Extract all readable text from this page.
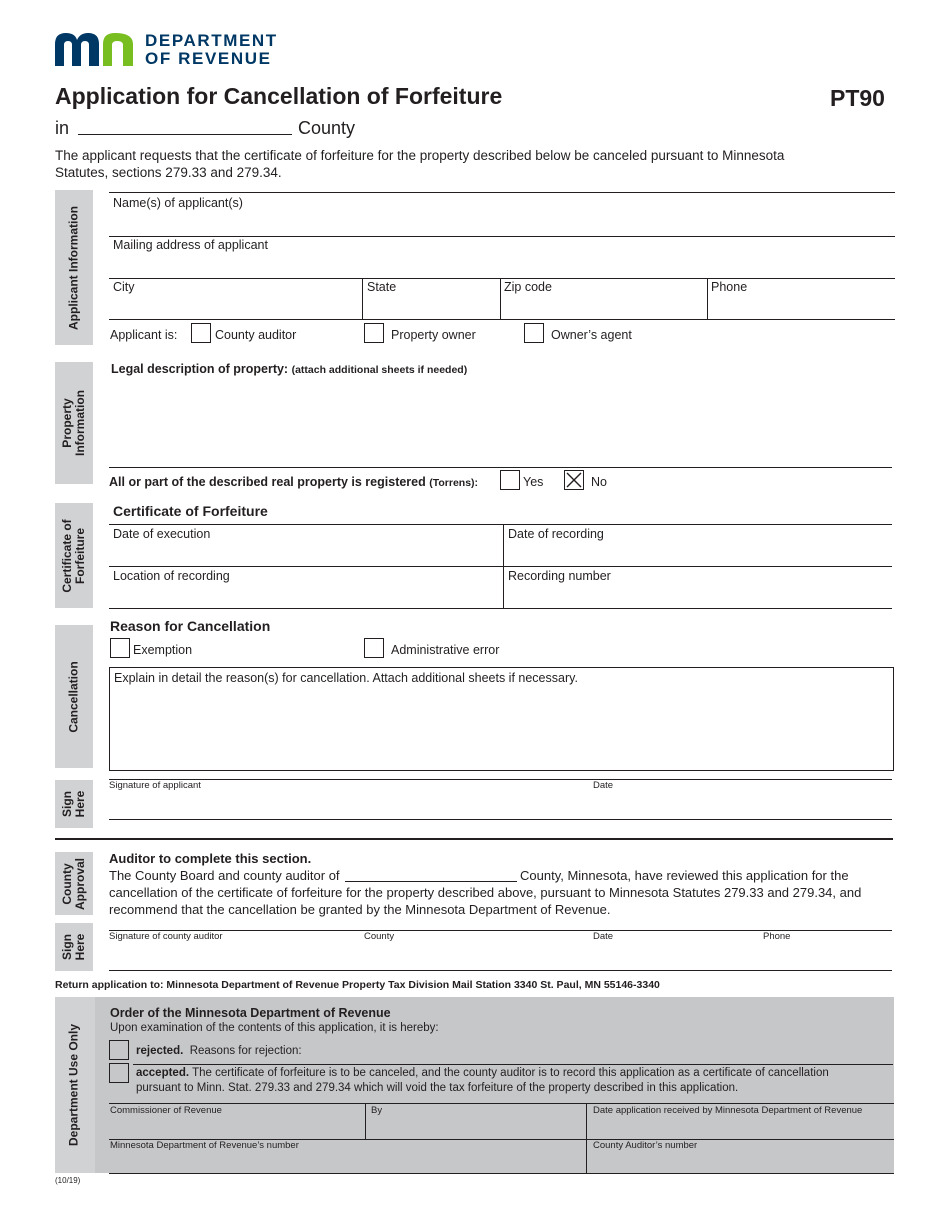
DEPARTMENT
OF REVENUE
Application for Cancellation of Forfeiture	PT90
in	County
The applicant requests that the certificate of forfeiture for the property described below be canceled pursuant to Minnesota Statutes, sections 279.33 and 279.34.
Applicant Information
Name(s) of applicant(s)
Mailing address of applicant
City	State	Zip code	Phone
Applicant is:	County auditor	Property owner	Owner’s agent
Property Information
Legal description of property: (attach additional sheets if needed)
All or part of the described real property is registered (Torrens):	Yes	No
Certificate of Forfeiture
Certificate of Forfeiture
Date of execution	Date of recording
Location of recording	Recording number
Cancellation
Reason for Cancellation
Exemption	Administrative error
Explain in detail the reason(s) for cancellation. Attach additional sheets if necessary.
Sign Here
Signature of applicant	Date
County Approval Auditor to complete this section.
The County Board and county auditor of	County, Minnesota, have reviewed this application for the
cancellation of the certificate of forfeiture for the property described above, pursuant to Minnesota Statutes 279.33 and 279.34, and
recommend that the cancellation be granted by the Minnesota Department of Revenue.
Sign Here Signature of county auditor	County	Date	Phone
Return application to: Minnesota Department of Revenue Property Tax Division Mail Station 3340 St. Paul, MN 55146-3340
Department Use Only
Order of the Minnesota Department of Revenue
Upon examination of the contents of this application, it is hereby:
rejected. Reasons for rejection:
accepted. The certificate of forfeiture is to be canceled, and the county auditor is to record this application as a certificate of cancellation
pursuant to Minn. Stat. 279.33 and 279.34 which will void the tax forfeiture of the property described in this application.
Commissioner of Revenue	By	Date application received by Minnesota Department of Revenue
Minnesota Department of Revenue’s number	County Auditor’s number
(10/19)
